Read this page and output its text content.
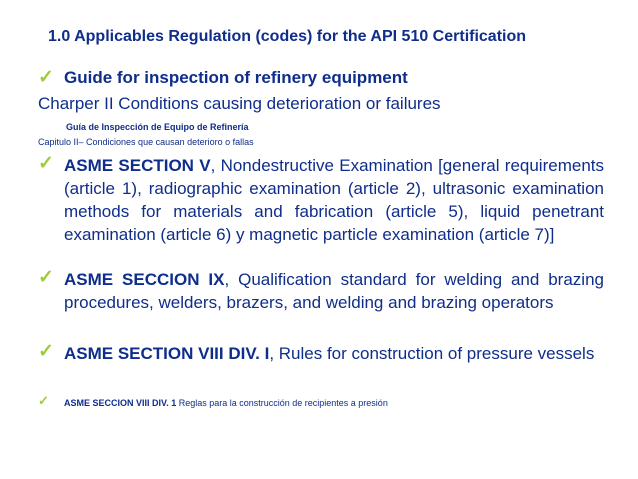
1.0 Applicables Regulation (codes) for the API 510 Certification
✓ Guide for inspection of refinery equipment
Charper II Conditions causing deterioration or failures
Guía de Inspección de Equipo de Refinería
Capitulo II– Condiciones que causan deterioro o fallas
✓ ASME SECTION V, Nondestructive Examination [general requirements (article 1), radiographic examination (article 2), ultrasonic examination methods for materials and fabrication (article 5), liquid penetrant examination (article 6) y magnetic particle examination (article 7)]
✓ ASME SECCION IX, Qualification standard for welding and brazing procedures, welders, brazers, and welding and brazing operators
✓ ASME SECTION VIII DIV. I, Rules for construction of pressure vessels
✓ ASME SECCION VIII DIV. 1 Reglas para la construcción de recipientes a presión
